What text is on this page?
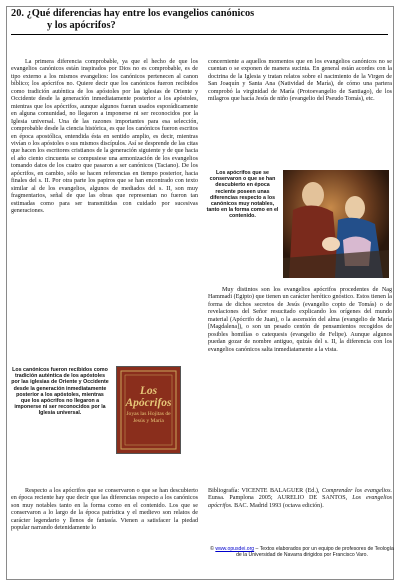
20. ¿Qué diferencias hay entre los evangelios canónicos
y los apócrifos?

La primera diferencia comprobable, ya que el hecho de que los evangelios canónicos están inspirados por Dios no es comprobable, es de tipo externo a los mismos evangelios: los canónicos pertenecen al canon bíblico; los apócrifos no. Quiere decir que los canónicos fueron recibidos como tradición auténtica de los apóstoles por las iglesias de Oriente y Occidente desde la generación inmediatamente posterior a los apóstoles, mientras que los apócrifos, aunque algunos fueran usados esporádicamente en alguna comunidad, no llegaron a imponerse ni ser reconocidos por la Iglesia universal. Una de las razones importantes para esa selección, comprobable desde la ciencia histórica, es que los canónicos fueron escritos en época apostólica, entendida ésta en sentido amplio, es decir, mientras vivían o los apóstoles o sus mismos discípulos. Así se desprende de las citas que hacen los escritores cristianos de la generación siguiente y de que hacia el año ciento cincuenta se compusiese una armonización de los evangelios tomando datos de los cuatro que pasaron a ser canónicos (Taciano). De los apócrifos, en cambio, sólo se hacen referencias en tiempo posterior, hacia finales del s. II. Por otra parte los papiros que se han encontrado con texto similar al de los evangelios, algunos de mediados del s. II, son muy fragmentarios, señal de que las obras que representan no fueron tan estimadas como para ser transmitidas con cuidado por sucesivas generaciones.

Los canónicos fueron recibidos como tradición auténtica de los apóstoles por las iglesias de Oriente y Occidente desde la generación inmediatamente posterior a los apóstoles, mientras que los apócrifos no llegaron a imponerse ni ser reconocidos por la Iglesia universal.
Los Apócrifos
Joyas las Hojitas de Jesús y María

Respecto a los apócrifos que se conservaron o que se han descubierto en época reciente hay que decir que las diferencias respecto a los canónicos son muy notables tanto en la forma como en el contenido. Los que se conservaron a lo largo de la época patrística y el medievo son relatos de carácter legendario y llenos de fantasía. Vienen a satisfacer la piedad popular narrando detenidamente lo

concerniente a aquellos momentos que en los evangelios canónicos no se cuentan o se exponen de manera sucinta. En general están acordes con la doctrina de la Iglesia y tratan relatos sobre el nacimiento de la Virgen de San Joaquín y Santa Ana (Natividad de María), de cómo una partera comprobó la virginidad de María (Protoevangelio de Santiago), de los milagros que hacía Jesús de niño (evangelio del Pseudo Tomás), etc.

Los apócrifos que se conservaron o que se han descubierto en época reciente poseen unas diferencias respecto a los canónicos muy notables, tanto en la forma como en el contenido.

Muy distintos son los evangelios apócrifos procedentes de Nag Hammadi (Egipto) que tienen un carácter herético gnóstico. Estos tienen la forma de dichos secretos de Jesús (evangelio copto de Tomás) o de revelaciones del Señor resucitado explicando los orígenes del mundo material (Apócrifo de Juan), o la ascensión del alma (evangelio de María [Magdalena]), o son un pesado centón de pensamientos recogidos de posibles homilías o catequesis (evangelio de Felipe). Aunque algunos puedan gozar de nombre antiguo, quizás del s. II, la diferencia con los evangelios canónicos salta inmediatamente a la vista.

Bibliografía: VICENTE BALAGUER (Ed.), Comprender los evangelios. Eunsa. Pamplona 2005; AURELIO DE SANTOS, Los evangelios apócrifos. BAC. Madrid 1993 (octava edición).
© www.opusdei.org – Textos elaborados por un equipo de profesores de Teología de la Universidad de Navarra dirigidos por Francisco Varo.
